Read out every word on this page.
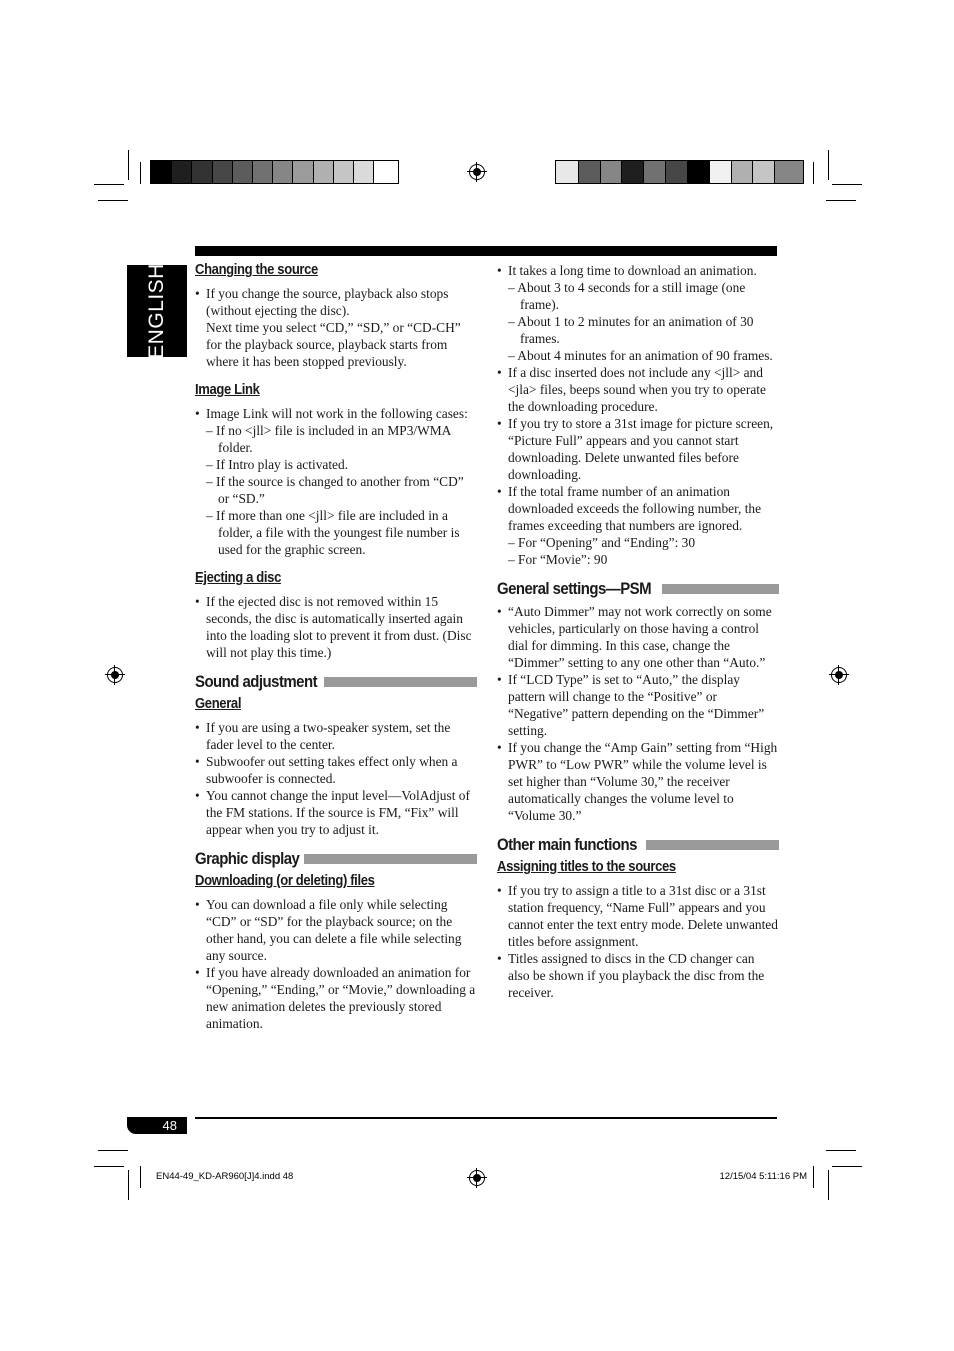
ENGLISH Changing the source
• If you change the source, playback also stops (without ejecting the disc).
Next time you select “CD,” “SD,” or “CD-CH” for the playback source, playback starts from where it has been stopped previously.
Image Link
• Image Link will not work in the following cases:
– If no <jll> file is included in an MP3/WMA folder.
– If Intro play is activated.
– If the source is changed to another from “CD” or “SD.”
– If more than one <jll> file are included in a folder, a file with the youngest file number is used for the graphic screen.
Ejecting a disc
• If the ejected disc is not removed within 15 seconds, the disc is automatically inserted again into the loading slot to prevent it from dust. (Disc will not play this time.)
Sound adjustment
General
• If you are using a two-speaker system, set the fader level to the center.
• Subwoofer out setting takes effect only when a subwoofer is connected.
• You cannot change the input level—VolAdjust of the FM stations. If the source is FM, “Fix” will appear when you try to adjust it.
Graphic display
Downloading (or deleting) files
• You can download a file only while selecting “CD” or “SD” for the playback source; on the other hand, you can delete a file while selecting any source.
• If you have already downloaded an animation for “Opening,” “Ending,” or “Movie,” downloading a new animation deletes the previously stored animation.
• It takes a long time to download an animation.
– About 3 to 4 seconds for a still image (one frame).
– About 1 to 2 minutes for an animation of 30 frames.
– About 4 minutes for an animation of 90 frames.
• If a disc inserted does not include any <jll> and <jla> files, beeps sound when you try to operate the downloading procedure.
• If you try to store a 31st image for picture screen, “Picture Full” appears and you cannot start downloading. Delete unwanted files before downloading.
• If the total frame number of an animation downloaded exceeds the following number, the frames exceeding that numbers are ignored.
– For “Opening” and “Ending”: 30
– For “Movie”: 90
General settings—PSM
• “Auto Dimmer” may not work correctly on some vehicles, particularly on those having a control dial for dimming. In this case, change the “Dimmer” setting to any one other than “Auto.”
• If “LCD Type” is set to “Auto,” the display pattern will change to the “Positive” or “Negative” pattern depending on the “Dimmer” setting.
• If you change the “Amp Gain” setting from “High PWR” to “Low PWR” while the volume level is set higher than “Volume 30,” the receiver automatically changes the volume level to “Volume 30.”
Other main functions
Assigning titles to the sources
• If you try to assign a title to a 31st disc or a 31st station frequency, “Name Full” appears and you cannot enter the text entry mode. Delete unwanted titles before assignment.
• Titles assigned to discs in the CD changer can also be shown if you playback the disc from the receiver.
48
EN44-49_KD-AR960[J]4.indd 48	12/15/04 5:11:16 PM
